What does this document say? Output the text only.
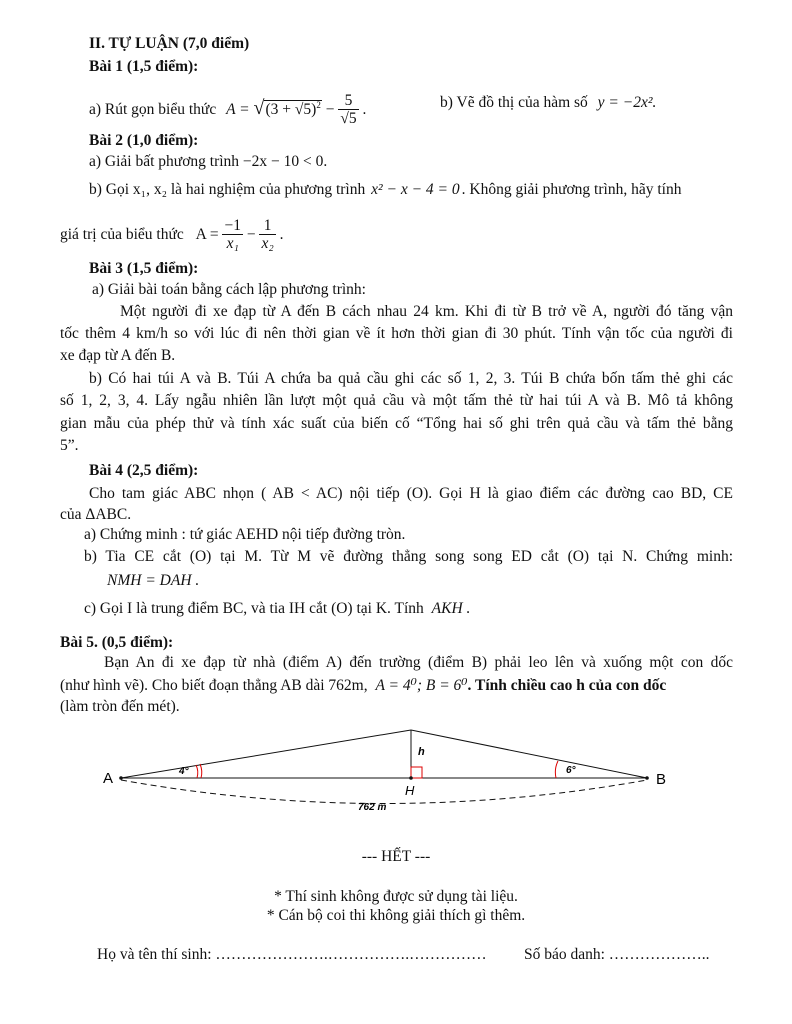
II. TỰ LUẬN (7,0 điểm)
Bài 1 (1,5 điểm):
a) Rút gọn biểu thức $A = √(3 + √5)^2 - \frac{5}{√5}$ .	b) Vẽ đồ thị của hàm số y = −2x².
Bài 2 (1,0 điểm):
a) Giải bất phương trình −2x − 10 < 0.
b) Gọi x₁, x₂ là hai nghiệm của phương trình x² − x − 4 = 0 . Không giải phương trình, hãy tính
giá trị của biểu thức $A = \frac{-1}{\text{x₁}} - \frac{1}{\text{x₂}}$ .
Bài 3 (1,5 điểm):
a) Giải bài toán bằng cách lập phương trình:
Một người đi xe đạp từ A đến B cách nhau 24 km. Khi đi từ B trở về A, người đó tăng vận
tốc thêm 4 km/h so với lúc đi nên thời gian về ít hơn thời gian đi 30 phút. Tính vận tốc của người đi
xe đạp từ A đến B.
b) Có hai túi A và B. Túi A chứa ba quả cầu ghi các số 1, 2, 3. Túi B chứa bốn tấm thẻ ghi các
số 1, 2, 3, 4. Lấy ngẫu nhiên lần lượt một quả cầu và một tấm thẻ từ hai túi A và B. Mô tả không
gian mẫu của phép thử và tính xác suất của biến cố “Tổng hai số ghi trên quả cầu và tấm thẻ bằng
5”.
Bài 4 (2,5 điểm):
Cho tam giác ABC nhọn ( AB < AC) nội tiếp (O). Gọi H là giao điểm các đường cao BD, CE
của ΔABC.
a) Chứng minh : tứ giác AEHD nội tiếp đường tròn.
b) Tia CE cắt (O) tại M. Từ M vẽ đường thẳng song song ED cắt (O) tại N. Chứng minh:
NMH = DAH .
c) Gọi I là trung điểm BC, và tia IH cắt (O) tại K. Tính AKH .
Bài 5. (0,5 điểm):
Bạn An đi xe đạp từ nhà (điểm A) đến trường (điểm B) phải leo lên và xuống một con dốc
(như hình vẽ). Cho biết đoạn thẳng AB dài 762m, A = 4⁰; B = 6⁰. Tính chiều cao h của con dốc
(làm tròn đến mét).
A	B
H
h
4°	6°
762 m
--- HẾT ---
* Thí sinh không được sử dụng tài liệu.
* Cán bộ coi thi không giải thích gì thêm.
Họ và tên thí sinh: ………………….…………….…………… Số báo danh: ………………..
